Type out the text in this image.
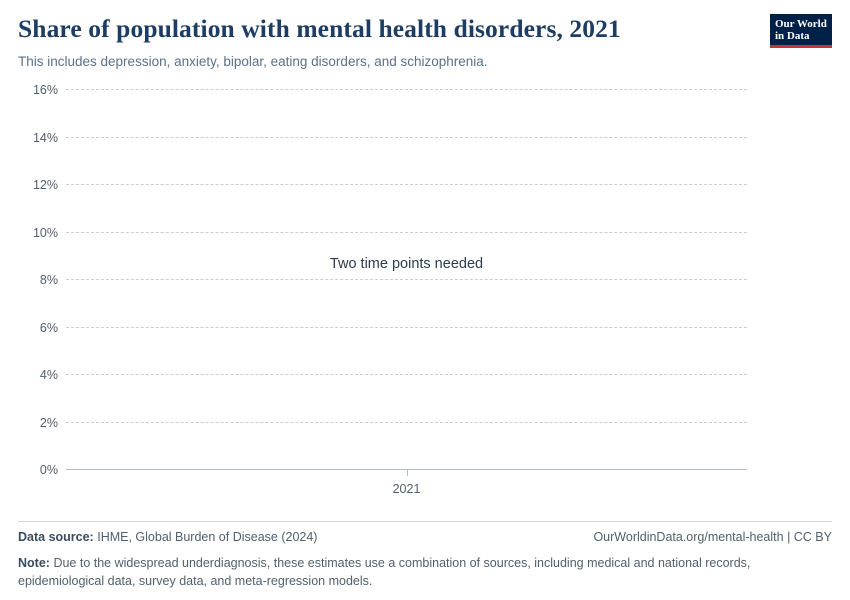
Share of population with mental health disorders, 2021

This includes depression, anxiety, bipolar, eating disorders, and schizophrenia.

Our World
in Data
Two time points needed
0%
2%
4%
6%
8%
10%
12%
14%
16%
2021
Data source: IHME, Global Burden of Disease (2024)	OurWorldinData.org/mental-health | CC BY
Note: Due to the widespread underdiagnosis, these estimates use a combination of sources, including medical and national records, epidemiological data, survey data, and meta-regression models.
